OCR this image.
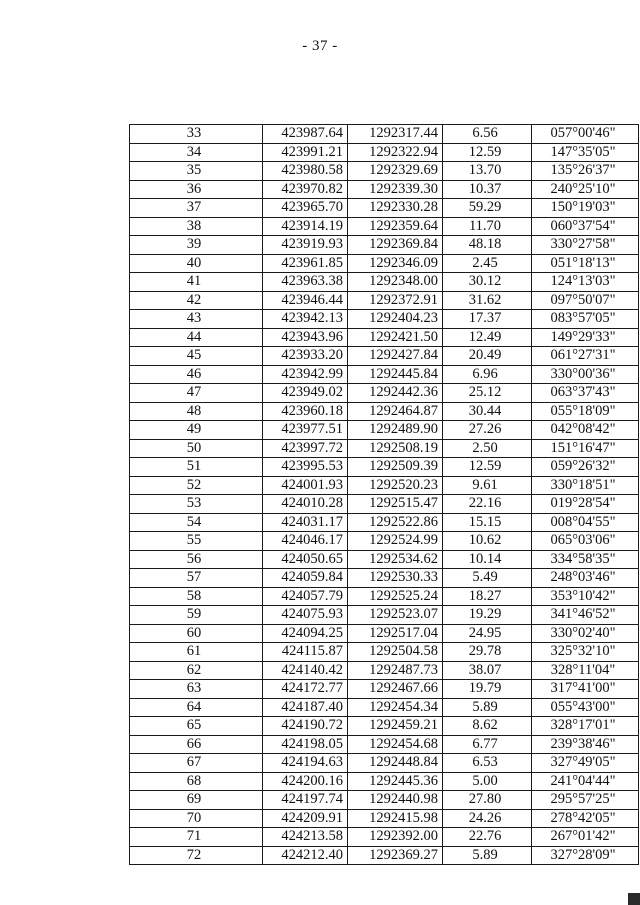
- 37 -
33	423987.64	1292317.44	6.56	057°00'46"
34	423991.21	1292322.94	12.59	147°35'05"
35	423980.58	1292329.69	13.70	135°26'37"
36	423970.82	1292339.30	10.37	240°25'10"
37	423965.70	1292330.28	59.29	150°19'03"
38	423914.19	1292359.64	11.70	060°37'54"
39	423919.93	1292369.84	48.18	330°27'58"
40	423961.85	1292346.09	2.45	051°18'13"
41	423963.38	1292348.00	30.12	124°13'03"
42	423946.44	1292372.91	31.62	097°50'07"
43	423942.13	1292404.23	17.37	083°57'05"
44	423943.96	1292421.50	12.49	149°29'33"
45	423933.20	1292427.84	20.49	061°27'31"
46	423942.99	1292445.84	6.96	330°00'36"
47	423949.02	1292442.36	25.12	063°37'43"
48	423960.18	1292464.87	30.44	055°18'09"
49	423977.51	1292489.90	27.26	042°08'42"
50	423997.72	1292508.19	2.50	151°16'47"
51	423995.53	1292509.39	12.59	059°26'32"
52	424001.93	1292520.23	9.61	330°18'51"
53	424010.28	1292515.47	22.16	019°28'54"
54	424031.17	1292522.86	15.15	008°04'55"
55	424046.17	1292524.99	10.62	065°03'06"
56	424050.65	1292534.62	10.14	334°58'35"
57	424059.84	1292530.33	5.49	248°03'46"
58	424057.79	1292525.24	18.27	353°10'42"
59	424075.93	1292523.07	19.29	341°46'52"
60	424094.25	1292517.04	24.95	330°02'40"
61	424115.87	1292504.58	29.78	325°32'10"
62	424140.42	1292487.73	38.07	328°11'04"
63	424172.77	1292467.66	19.79	317°41'00"
64	424187.40	1292454.34	5.89	055°43'00"
65	424190.72	1292459.21	8.62	328°17'01"
66	424198.05	1292454.68	6.77	239°38'46"
67	424194.63	1292448.84	6.53	327°49'05"
68	424200.16	1292445.36	5.00	241°04'44"
69	424197.74	1292440.98	27.80	295°57'25"
70	424209.91	1292415.98	24.26	278°42'05"
71	424213.58	1292392.00	22.76	267°01'42"
72	424212.40	1292369.27	5.89	327°28'09"
